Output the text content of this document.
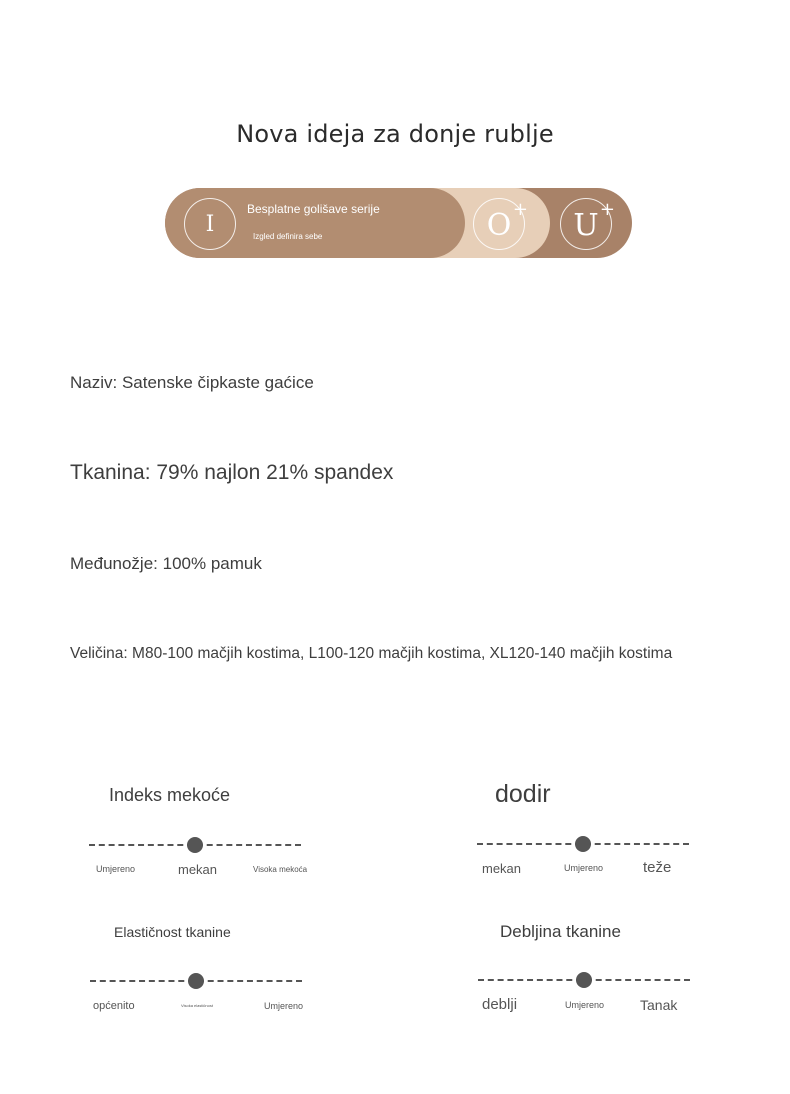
Nova ideja za donje rublje
I
Besplatne golišave serije
Izgled definira sebe	O +	U +
Naziv: Satenske čipkaste gaćice
Tkanina: 79% najlon 21% spandex
Međunožje: 100% pamuk
Veličina: M80-100 mačjih kostima, L100-120 mačjih kostima, XL120-140 mačjih kostima
Indeks mekoće
Umjereno	mekan	Visoka mekoća
dodir
mekan	Umjereno	teže
Elastičnost tkanine
općenito	Visoka elastičnost	Umjereno
Debljina tkanine
deblji	Umjereno	Tanak
